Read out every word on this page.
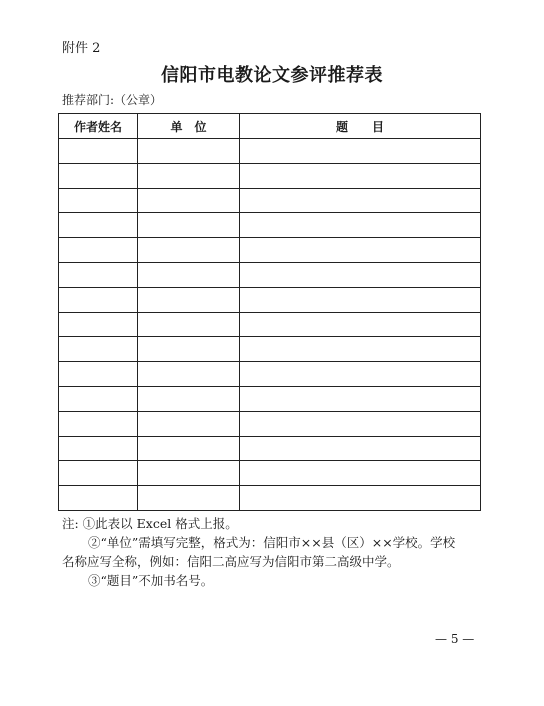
附件 2
信阳市电教论文参评推荐表
推荐部门:（公章）
作者姓名	单　位	题　　目

注: ①此表以 Excel 格式上报。

②“单位”需填写完整，格式为：信阳市××县（区）××学校。学校

名称应写全称，例如：信阳二高应写为信阳市第二高级中学。

③“题目”不加书名号。

— 5 —
